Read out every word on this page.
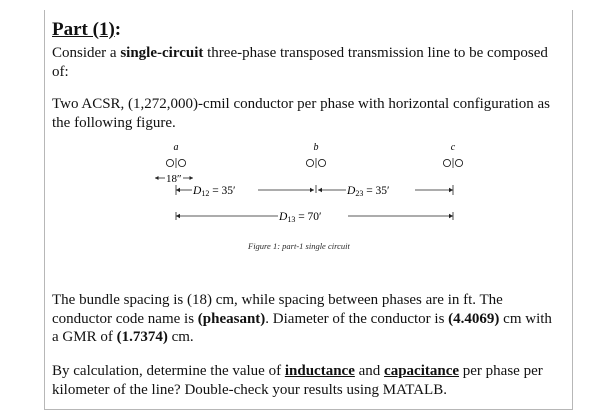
Part (1):

Consider a single-circuit three-phase transposed transmission line to be composed of:

Two ACSR, (1,272,000)-cmil conductor per phase with horizontal configuration as the following figure.

a	b	c
18″
D12 = 35′	D23 = 35′
D13 = 70′
Figure 1: part-1 single circuit

The bundle spacing is (18) cm, while spacing between phases are in ft. The conductor code name is (pheasant). Diameter of the conductor is (4.4069) cm with a GMR of (1.7374) cm.

By calculation, determine the value of inductance and capacitance per phase per kilometer of the line? Double-check your results using MATALB.
